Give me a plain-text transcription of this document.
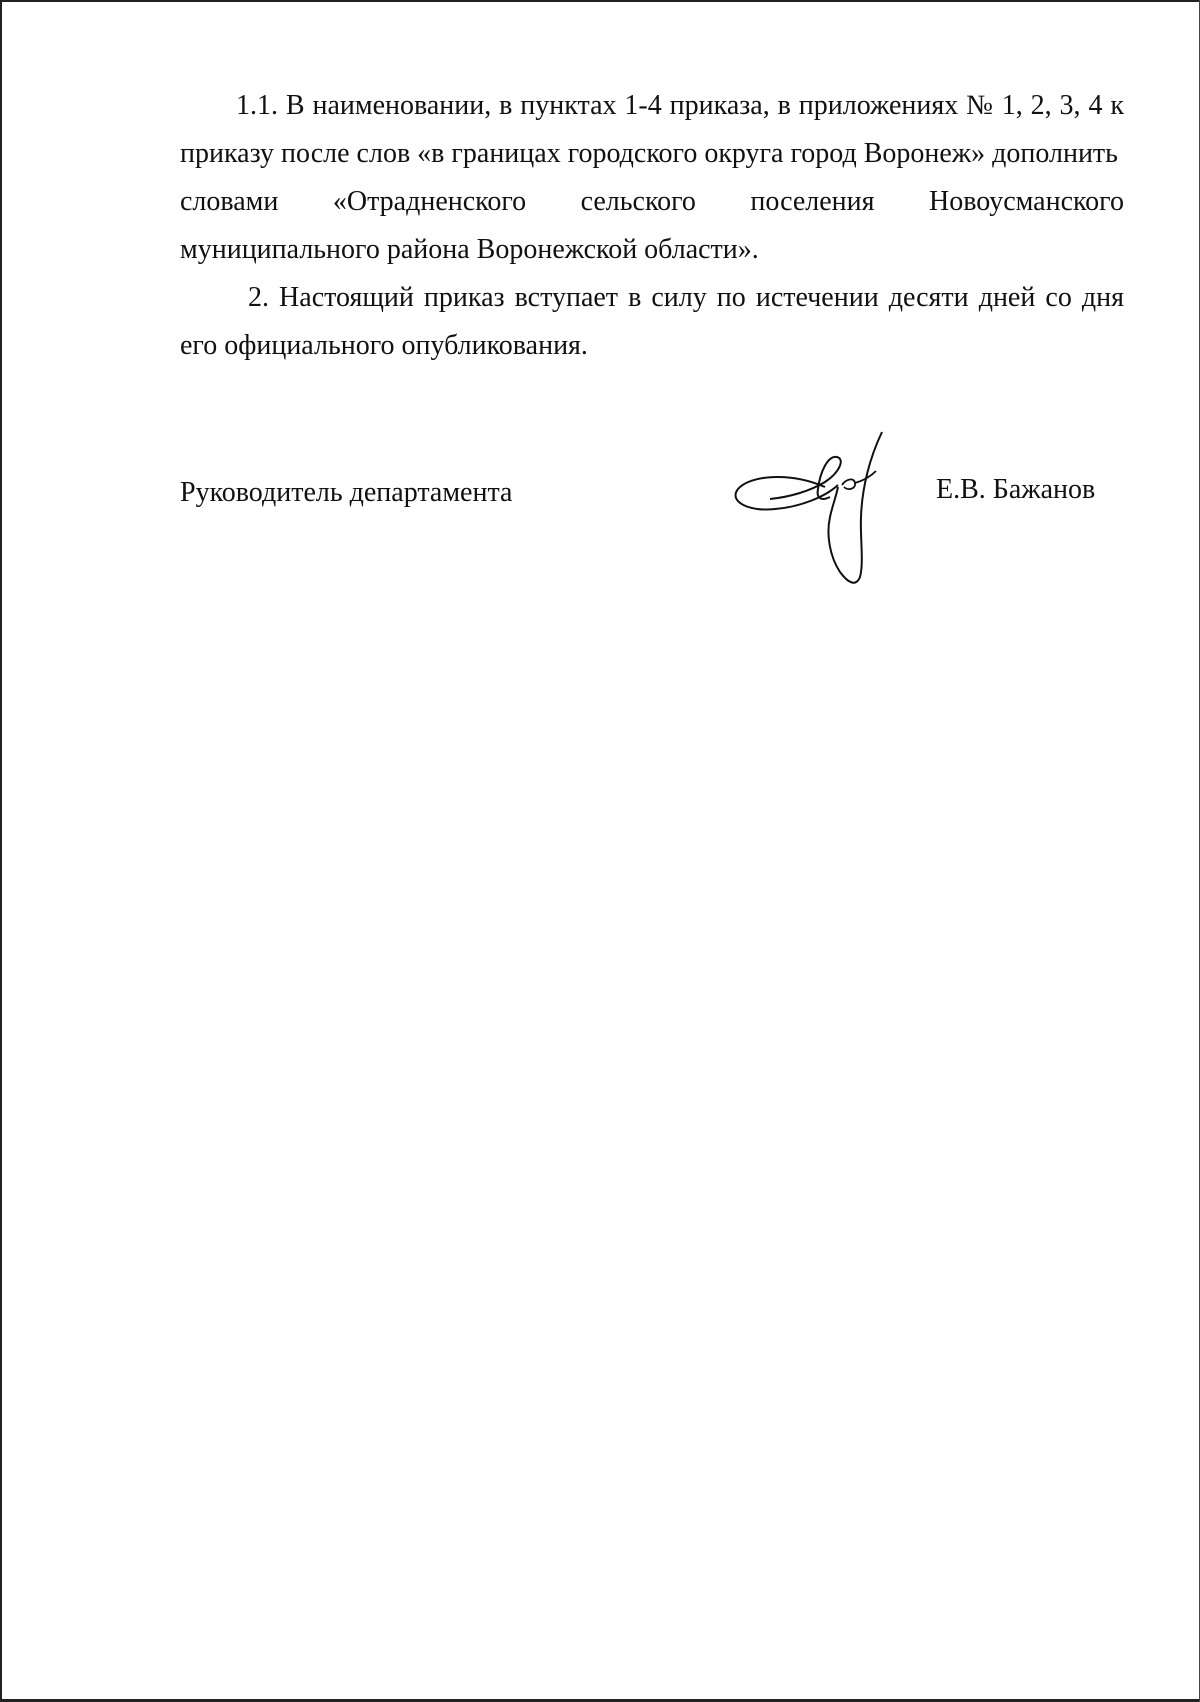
1.1. В наименовании, в пунктах 1-4 приказа, в приложениях № 1, 2, 3, 4 к приказу после слов «в границах городского округа город Воронеж» дополнить

словами «Отрадненского сельского поселения Новоусманского

муниципального района Воронежской области».

2. Настоящий приказ вступает в силу по истечении десяти дней со дня его официального опубликования.

Руководитель департамента	Е.В. Бажанов
